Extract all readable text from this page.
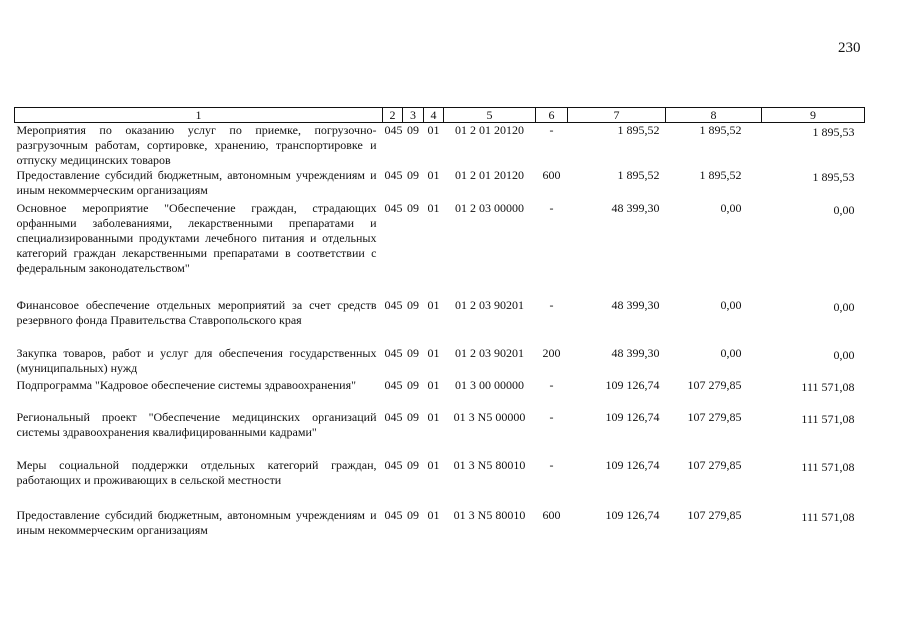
230
1	2	3	4	5	6	7	8	9
Мероприятия по оказанию услуг по приемке, погрузочно-разгрузочным работам, сортировке, хранению, транспортировке и отпуску медицинских товаров	045	09	01	01 2 01 20120	-	1 895,52	1 895,52	1 895,53
Предоставление субсидий бюджетным, автономным учреждениям и иным некоммерческим организациям	045	09	01	01 2 01 20120	600	1 895,52	1 895,52	1 895,53
Основное мероприятие "Обеспечение граждан, страдающих орфанными заболеваниями, лекарственными препаратами и специализированными продуктами лечебного питания и отдельных категорий граждан лекарственными препаратами в соответствии с федеральным законодательством"	045	09	01	01 2 03 00000	-	48 399,30	0,00	0,00
Финансовое обеспечение отдельных мероприятий за счет средств резервного фонда Правительства Ставропольского края	045	09	01	01 2 03 90201	-	48 399,30	0,00	0,00
Закупка товаров, работ и услуг для обеспечения государственных (муниципальных) нужд	045	09	01	01 2 03 90201	200	48 399,30	0,00	0,00
Подпрограмма "Кадровое обеспечение системы здравоохранения"	045	09	01	01 3 00 00000	-	109 126,74	107 279,85	111 571,08
Региональный проект "Обеспечение медицинских организаций системы здравоохранения квалифицированными кадрами"	045	09	01	01 3 N5 00000	-	109 126,74	107 279,85	111 571,08
Меры социальной поддержки отдельных категорий граждан, работающих и проживающих в сельской местности	045	09	01	01 3 N5 80010	-	109 126,74	107 279,85	111 571,08
Предоставление субсидий бюджетным, автономным учреждениям и иным некоммерческим организациям	045	09	01	01 3 N5 80010	600	109 126,74	107 279,85	111 571,08
